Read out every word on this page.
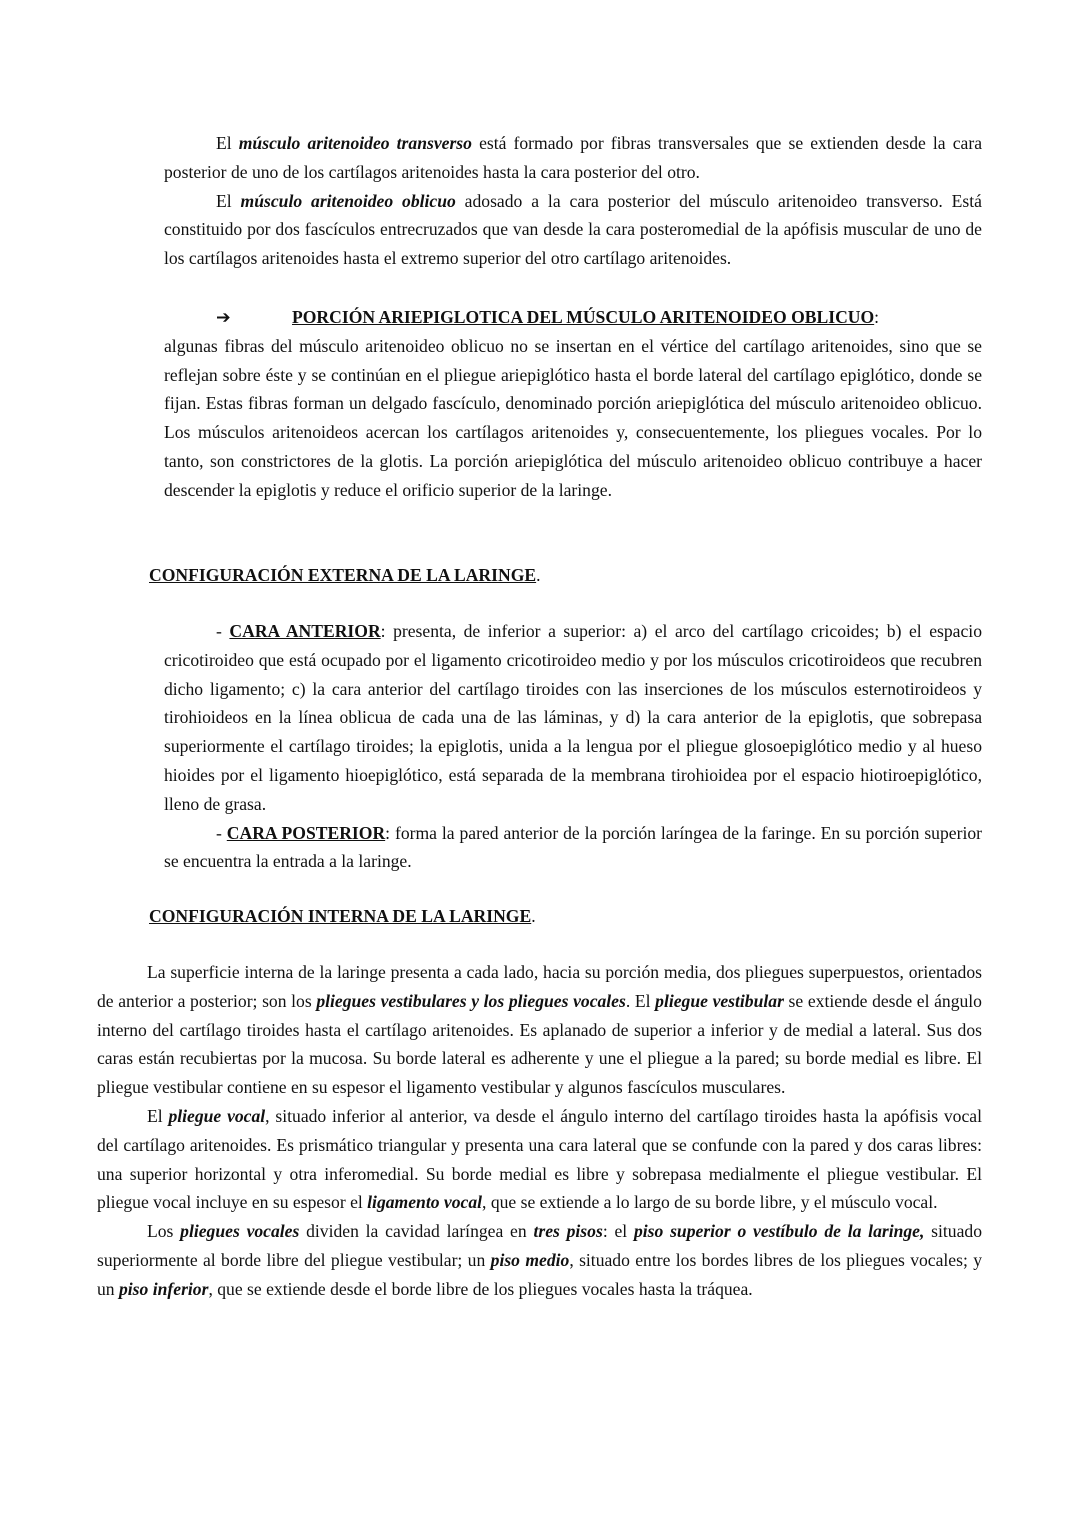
El músculo aritenoideo transverso está formado por fibras transversales que se extienden desde la cara posterior de uno de los cartílagos aritenoides hasta la cara posterior del otro.

El músculo aritenoideo oblicuo adosado a la cara posterior del músculo aritenoideo transverso. Está constituido por dos fascículos entrecruzados que van desde la cara posteromedial de la apófisis muscular de uno de los cartílagos aritenoides hasta el extremo superior del otro cartílago aritenoides.

➔	PORCIÓN ARIEPIGLOTICA DEL MÚSCULO ARITENOIDEO OBLICUO :

algunas fibras del músculo aritenoideo oblicuo no se insertan en el vértice del cartílago aritenoides, sino que se reflejan sobre éste y se continúan en el pliegue ariepiglótico hasta el borde lateral del cartílago epiglótico, donde se fijan. Estas fibras forman un delgado fascículo, denominado porción ariepiglótica del músculo aritenoideo oblicuo. Los músculos aritenoideos acercan los cartílagos aritenoides y, consecuentemente, los pliegues vocales. Por lo tanto, son constrictores de la glotis. La porción ariepiglótica del músculo aritenoideo oblicuo contribuye a hacer descender la epiglotis y reduce el orificio superior de la laringe.

CONFIGURACIÓN EXTERNA DE LA LARINGE.

- CARA ANTERIOR: presenta, de inferior a superior: a) el arco del cartílago cricoides; b) el espacio cricotiroideo que está ocupado por el ligamento cricotiroideo medio y por los músculos cricotiroideos que recubren dicho ligamento; c) la cara anterior del cartílago tiroides con las inserciones de los músculos esternotiroideos y tirohioideos en la línea oblicua de cada una de las láminas, y d) la cara anterior de la epiglotis, que sobrepasa superiormente el cartílago tiroides; la epiglotis, unida a la lengua por el pliegue glosoepiglótico medio y al hueso hioides por el ligamento hioepiglótico, está separada de la membrana tirohioidea por el espacio hiotiroepiglótico, lleno de grasa.

- CARA POSTERIOR: forma la pared anterior de la porción laríngea de la faringe. En su porción superior se encuentra la entrada a la laringe.

CONFIGURACIÓN INTERNA DE LA LARINGE.

La superficie interna de la laringe presenta a cada lado, hacia su porción media, dos pliegues superpuestos, orientados de anterior a posterior; son los pliegues vestibulares y los pliegues vocales. El pliegue vestibular se extiende desde el ángulo interno del cartílago tiroides hasta el cartílago aritenoides. Es aplanado de superior a inferior y de medial a lateral. Sus dos caras están recubiertas por la mucosa. Su borde lateral es adherente y une el pliegue a la pared; su borde medial es libre. El pliegue vestibular contiene en su espesor el ligamento vestibular y algunos fascículos musculares.

El pliegue vocal, situado inferior al anterior, va desde el ángulo interno del cartílago tiroides hasta la apófisis vocal del cartílago aritenoides. Es prismático triangular y presenta una cara lateral que se confunde con la pared y dos caras libres: una superior horizontal y otra inferomedial. Su borde medial es libre y sobrepasa medialmente el pliegue vestibular. El pliegue vocal incluye en su espesor el ligamento vocal, que se extiende a lo largo de su borde libre, y el músculo vocal.

Los pliegues vocales dividen la cavidad laríngea en tres pisos: el piso superior o vestíbulo de la laringe, situado superiormente al borde libre del pliegue vestibular; un piso medio, situado entre los bordes libres de los pliegues vocales; y un piso inferior, que se extiende desde el borde libre de los pliegues vocales hasta la tráquea.
